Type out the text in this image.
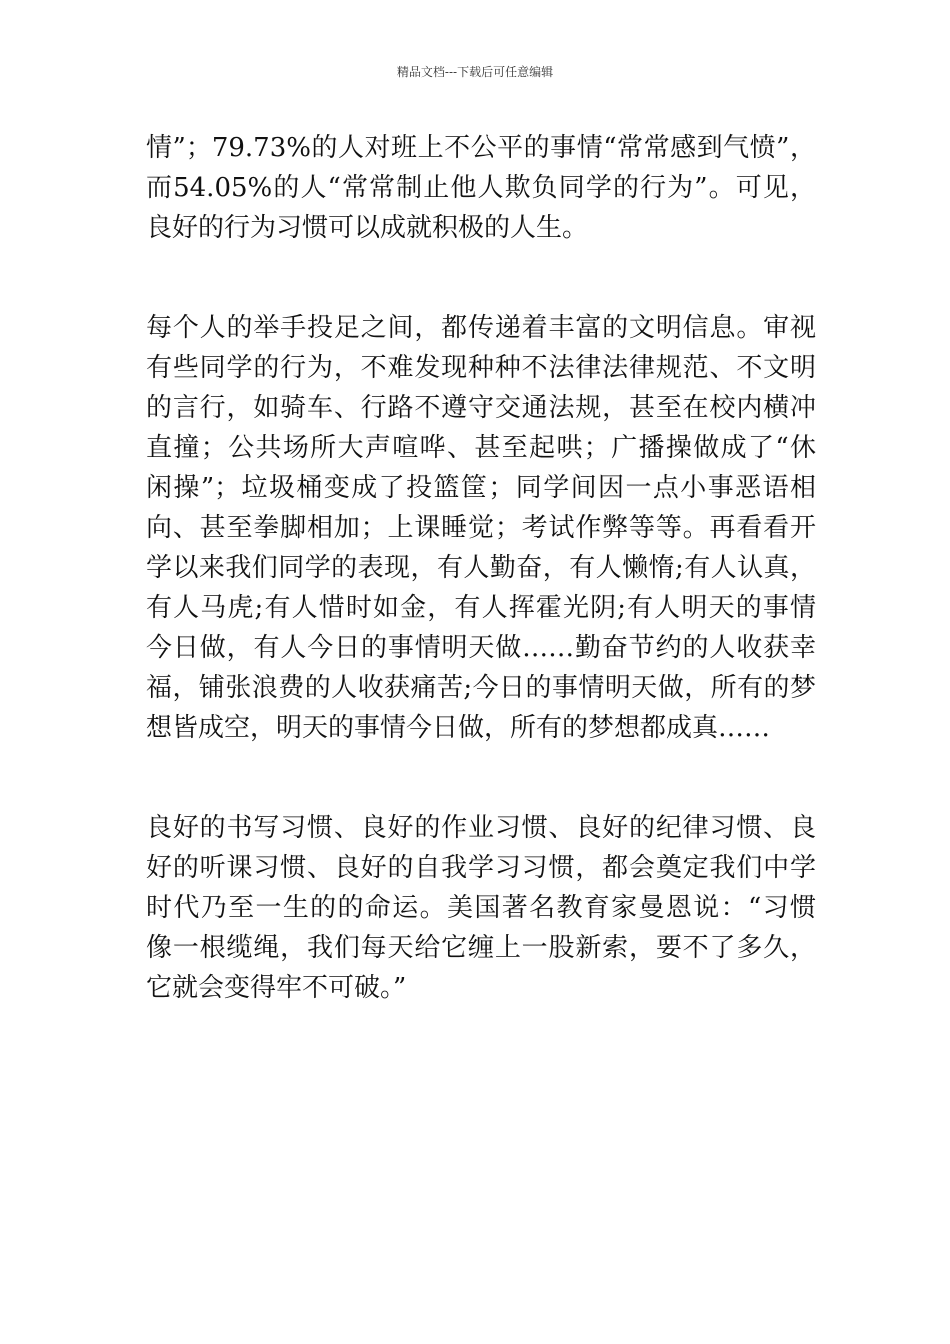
精品文档---下载后可任意编辑
情”；79.73%的人对班上不公平的事情“常常感到气愤”，
而54.05%的人“常常制止他人欺负同学的行为”。可见，
良好的行为习惯可以成就积极的人生。
每个人的举手投足之间，都传递着丰富的文明信息。审视
有些同学的行为，不难发现种种不法律法律规范、不文明
的言行，如骑车、行路不遵守交通法规，甚至在校内横冲
直撞；公共场所大声喧哗、甚至起哄；广播操做成了“休
闲操”；垃圾桶变成了投篮筐；同学间因一点小事恶语相
向、甚至拳脚相加；上课睡觉；考试作弊等等。再看看开
学以来我们同学的表现，有人勤奋，有人懒惰;有人认真，
有人马虎;有人惜时如金，有人挥霍光阴;有人明天的事情
今日做，有人今日的事情明天做……勤奋节约的人收获幸
福，铺张浪费的人收获痛苦;今日的事情明天做，所有的梦
想皆成空，明天的事情今日做，所有的梦想都成真……
良好的书写习惯、良好的作业习惯、良好的纪律习惯、良
好的听课习惯、良好的自我学习习惯，都会奠定我们中学
时代乃至一生的的命运。美国著名教育家曼恩说：“习惯
像一根缆绳，我们每天给它缠上一股新索，要不了多久，
它就会变得牢不可破。”
